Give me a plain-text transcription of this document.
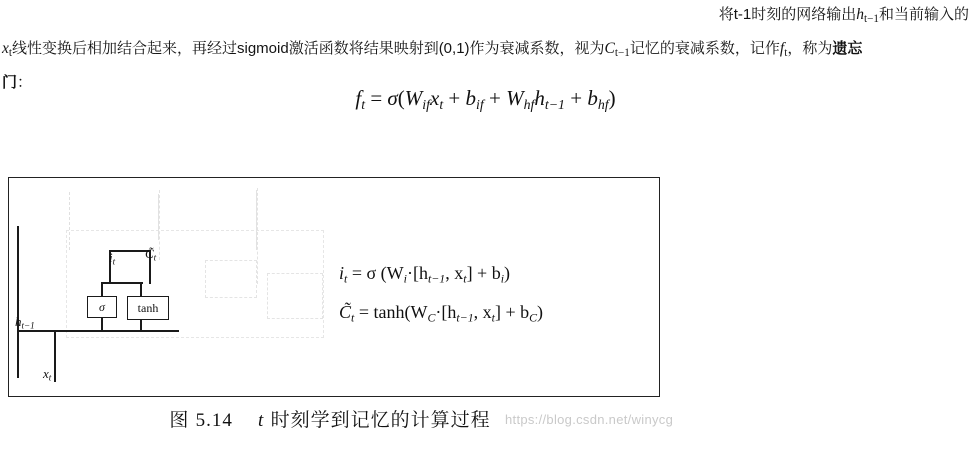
将t-1时刻的网络输出$h_{t-1}$和当前输入的
$x_t$线性变换后相加结合起来，再经过sigmoid激活函数将结果映射到(0,1)作为衰减系数，视为$C_{t-1}$记忆的衰减系数，记作$f_t$，称为遗忘
门：
$f_t = \sigma(W_{if}x_t + b_{if} + W_{hf}h_{t-1} + b_{hf})$
σ	tanh
$i_t$
$C̃_t$
$h_{t-1}$
$x_t$
$i_t = \sigma$ ($W_i\cdot[h_{t-1}$, $x_t] + b_i$)
$C̃_t = \tanh(W_C\cdot[h_{t-1}$, $x_t] + b_C$)
图 5.14 t 时刻学到记忆的计算过程	https://blog.csdn.net/winycg
